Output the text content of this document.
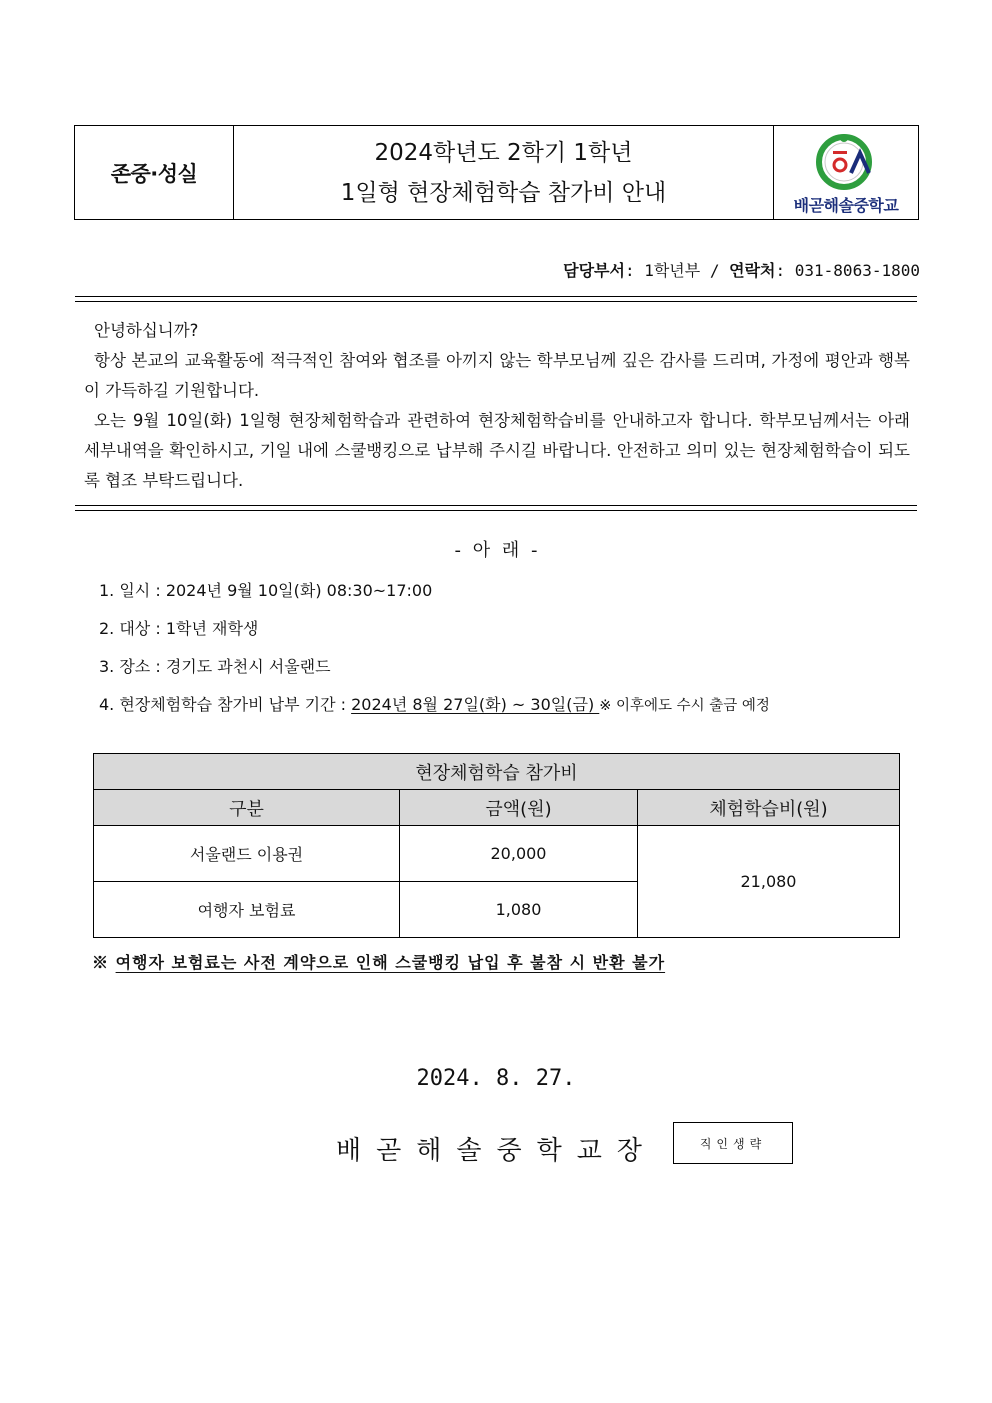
존중·성실
2024학년도 2학기 1학년
1일형 현장체험학습 참가비 안내	배곧해솔중학교
담당부서: 1학년부 / 연락처: 031-8063-1800

안녕하십니까?

항상 본교의 교육활동에 적극적인 참여와 협조를 아끼지 않는 학부모님께 깊은 감사를 드리며, 가정에 평안과 행복이 가득하길 기원합니다.

오는 9월 10일(화) 1일형 현장체험학습과 관련하여 현장체험학습비를 안내하고자 합니다. 학부모님께서는 아래 세부내역을 확인하시고, 기일 내에 스쿨뱅킹으로 납부해 주시길 바랍니다. 안전하고 의미 있는 현장체험학습이 되도록 협조 부탁드립니다.

- 아 래 -
1. 일시 : 2024년 9월 10일(화) 08:30~17:00
2. 대상 : 1학년 재학생
3. 장소 : 경기도 과천시 서울랜드
4. 현장체험학습 참가비 납부 기간 : 2024년 8월 27일(화) ~ 30일(금) ※ 이후에도 수시 출금 예정
현장체험학습 참가비		
구분	금액(원)	체험학습비(원)
서울랜드 이용권	20,000	21,080
여행자 보험료	1,080	
※ 여행자 보험료는 사전 계약으로 인해 스쿨뱅킹 납입 후 불참 시 반환 불가
2024. 8. 27.
배곧해솔중학교장	직인생략
